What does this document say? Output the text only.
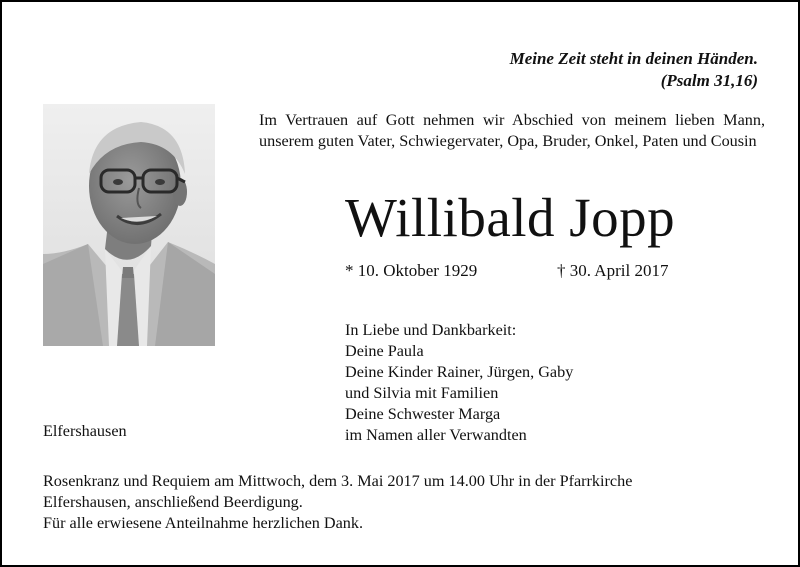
Meine Zeit steht in deinen Händen.
(Psalm 31,16)
Im Vertrauen auf Gott nehmen wir Abschied von meinem lieben Mann, unserem guten Vater, Schwiegervater, Opa, Bruder, Onkel, Paten und Cousin
Willibald Jopp
* 10. Oktober 1929	† 30. April 2017
In Liebe und Dankbarkeit:
Deine Paula
Deine Kinder Rainer, Jürgen, Gaby
und Silvia mit Familien
Deine Schwester Marga
im Namen aller Verwandten
Elfershausen
Rosenkranz und Requiem am Mittwoch, dem 3. Mai 2017 um 14.00 Uhr in der Pfarrkirche
Elfershausen, anschließend Beerdigung.
Für alle erwiesene Anteilnahme herzlichen Dank.
